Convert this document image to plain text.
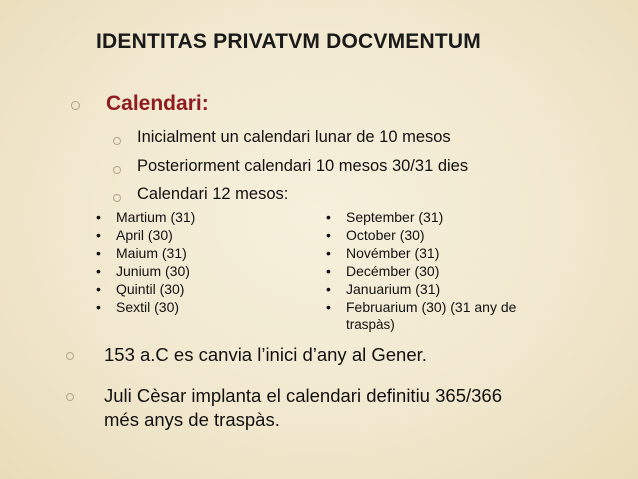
IDENTITAS PRIVATVM DOCVMENTUM
Calendari:
Inicialment un calendari lunar de 10 mesos
Posteriorment calendari 10 mesos 30/31 dies
Calendari 12 mesos:
• Martium (31)
• April (30)
• Maium (31)
• Junium (30)
• Quintil (30)
• Sextil (30)
• September (31)
• October (30)
• Novémber (31)
• Decémber (30)
• Januarium (31)
• Februarium (30) (31 any de
traspàs)
153 a.C es canvia l’inici d’any al Gener.
Juli Cèsar implanta el calendari definitiu 365/366
més anys de traspàs.
